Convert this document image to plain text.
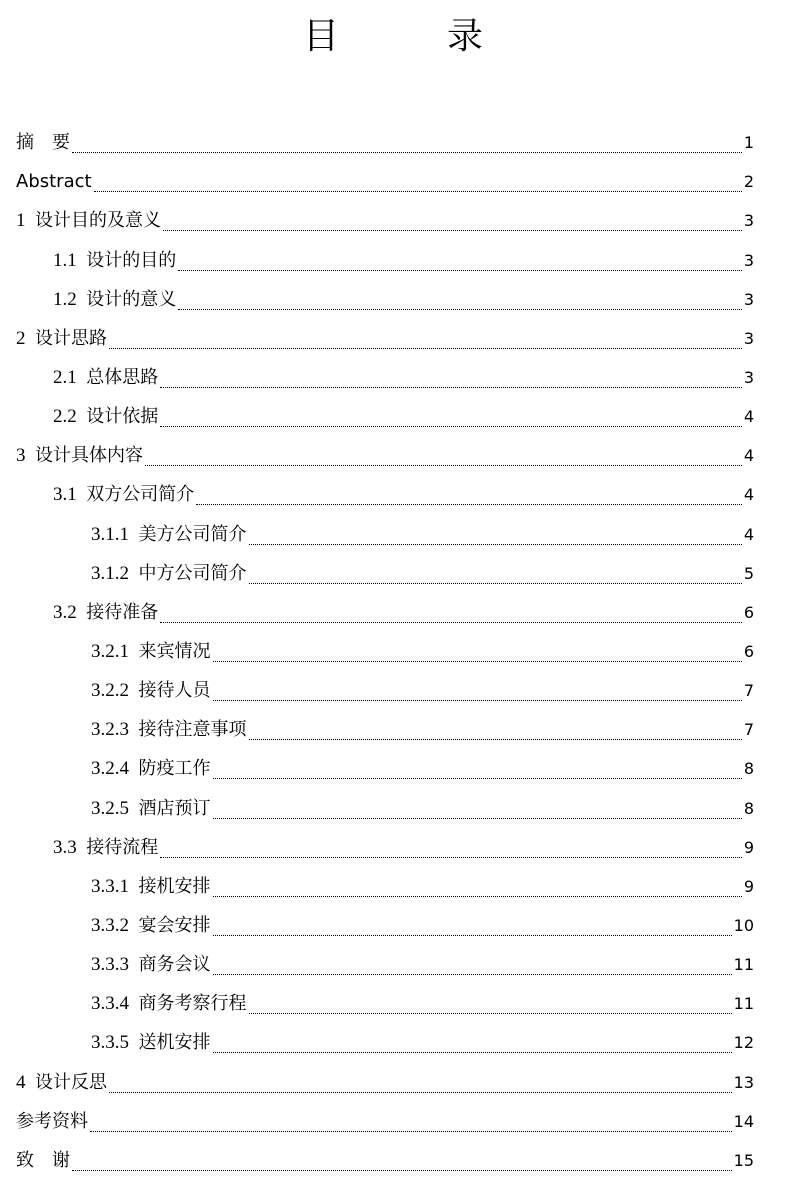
目　录
摘　要	1
Abstract	2
1 设计目的及意义	3
1.1 设计的目的	3
1.2 设计的意义	3
2 设计思路	3
2.1 总体思路	3
2.2 设计依据	4
3 设计具体内容	4
3.1 双方公司简介	4
3.1.1 美方公司简介	4
3.1.2 中方公司简介	5
3.2 接待准备	6
3.2.1 来宾情况	6
3.2.2 接待人员	7
3.2.3 接待注意事项	7
3.2.4 防疫工作	8
3.2.5 酒店预订	8
3.3 接待流程	9
3.3.1 接机安排	9
3.3.2 宴会安排	10
3.3.3 商务会议	11
3.3.4 商务考察行程	11
3.3.5 送机安排	12
4 设计反思	13
参考资料	14
致　谢	15
